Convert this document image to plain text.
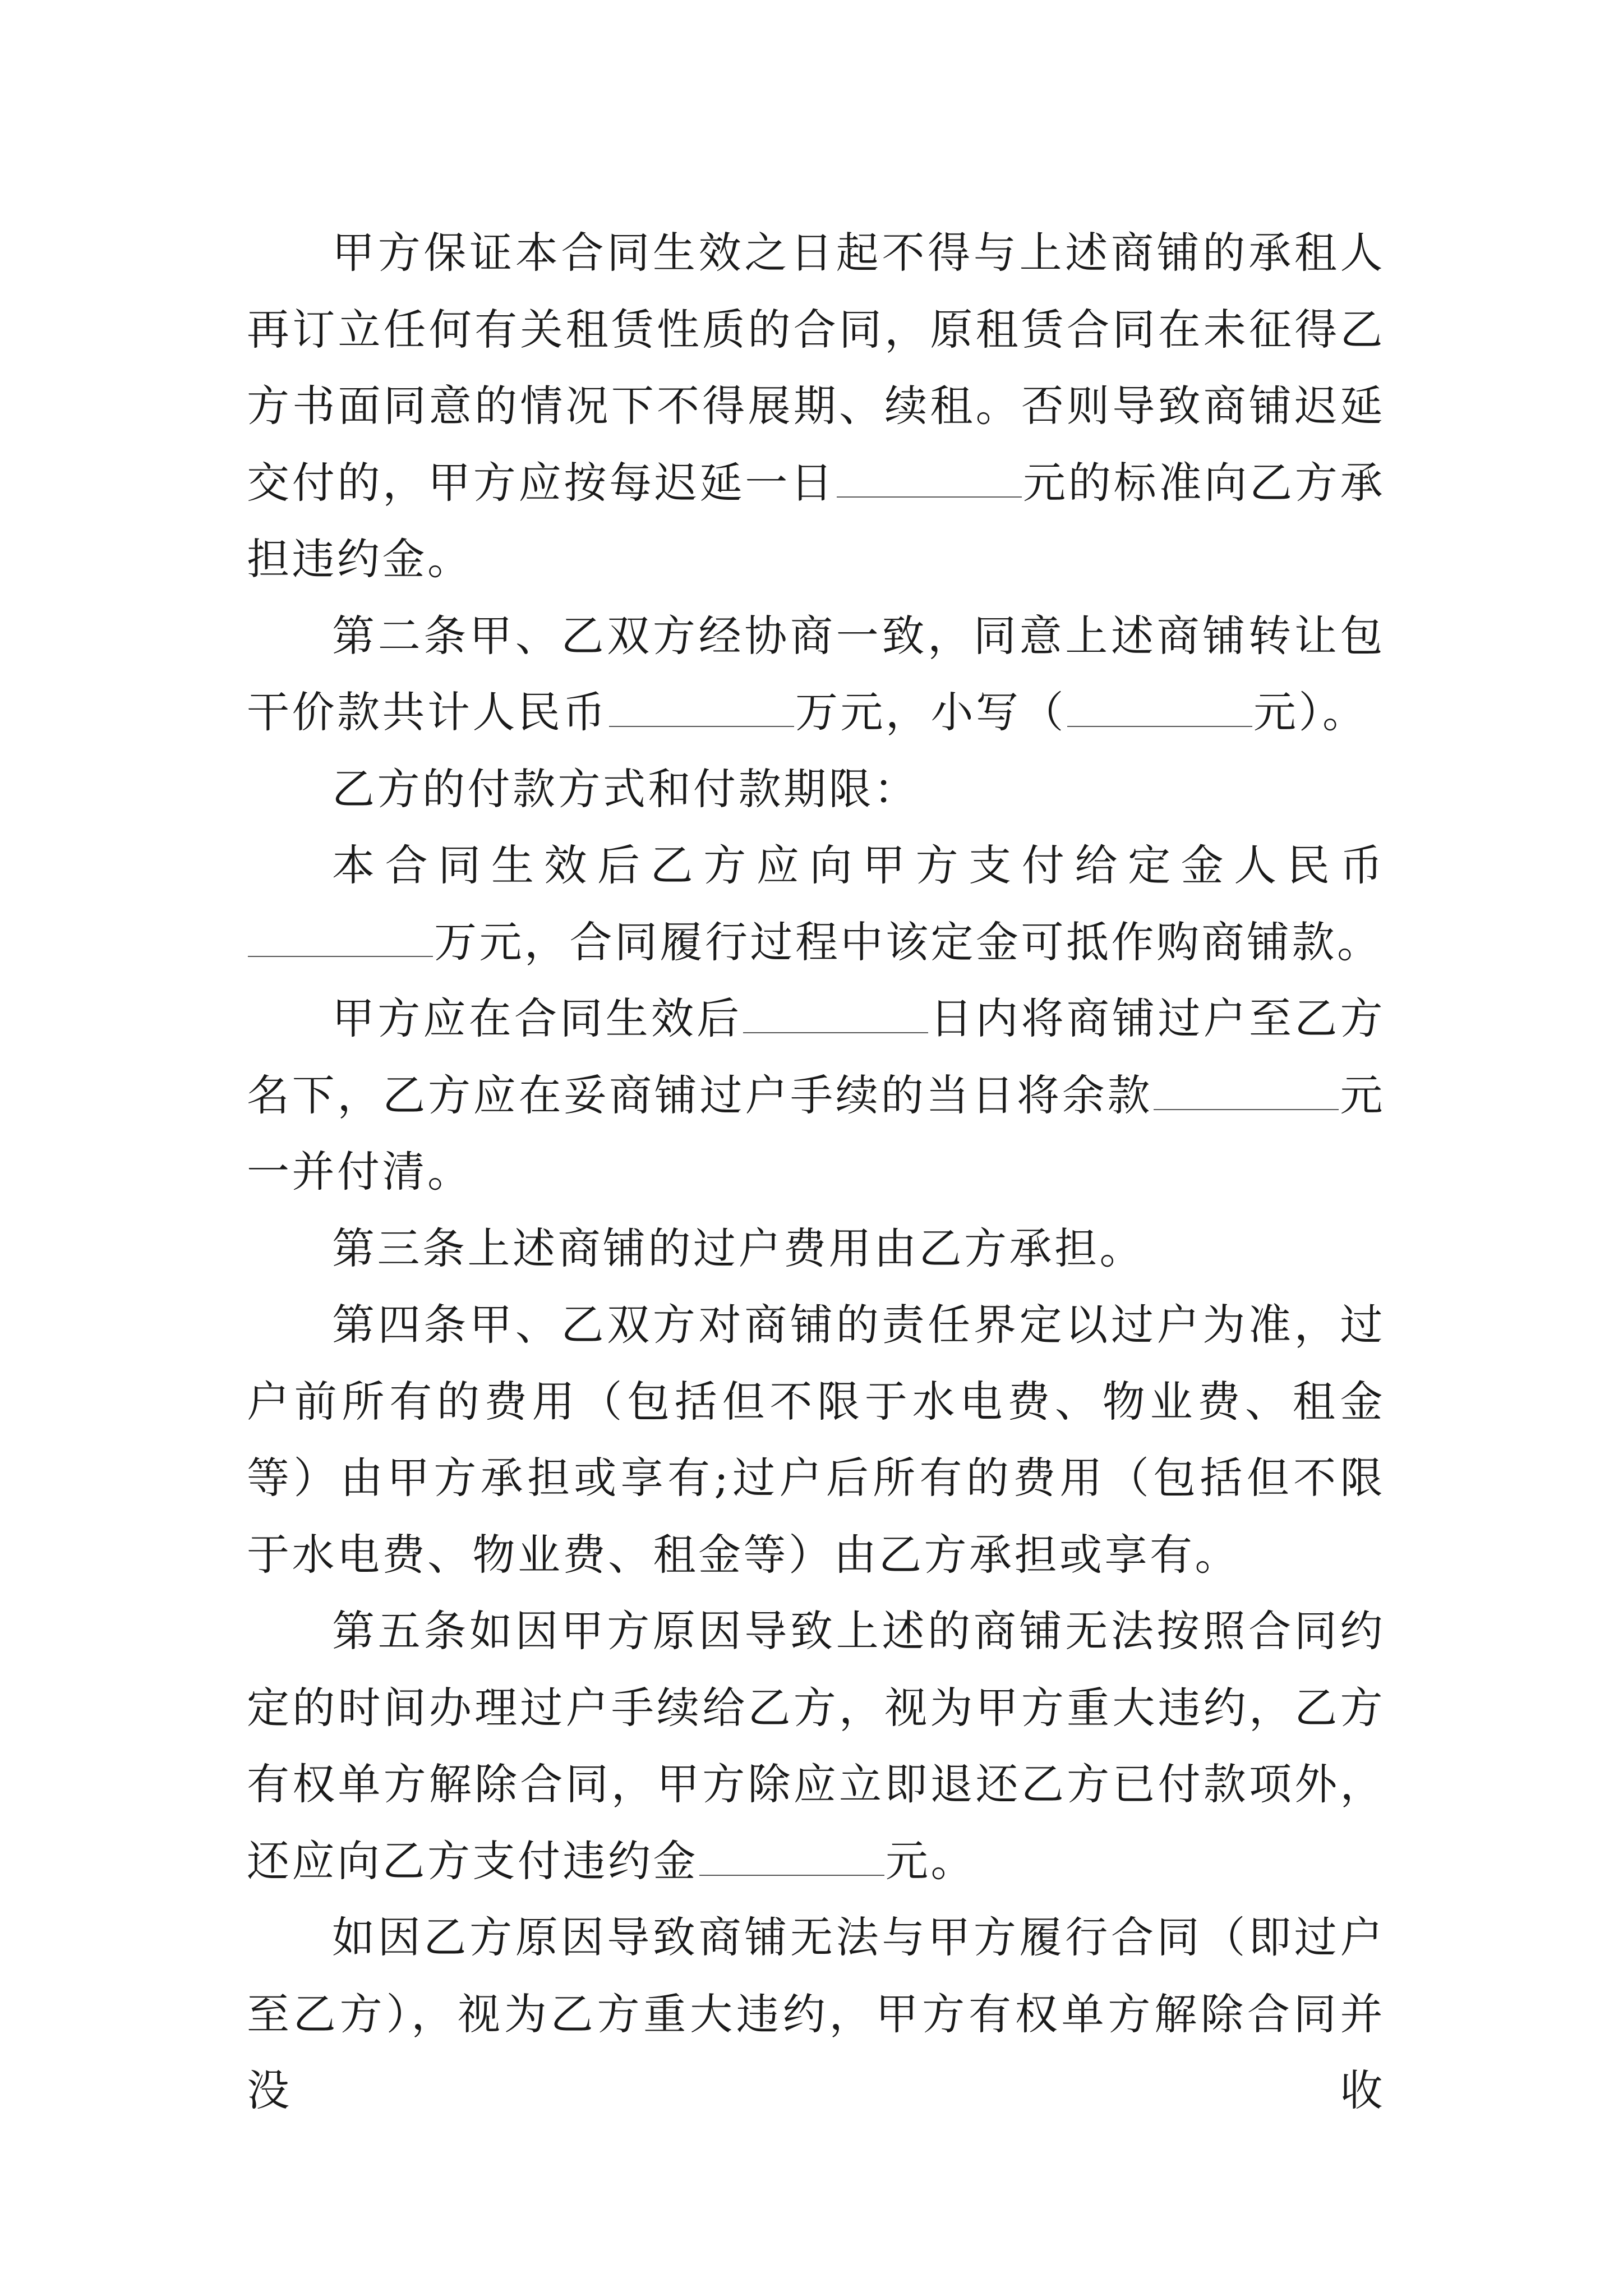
甲方保证本合同生效之日起不得与上述商铺的承租人再订立任何有关租赁性质的合同，原租赁合同在未征得乙方书面同意的情况下不得展期、续租。否则导致商铺迟延交付的，甲方应按每迟延一日	元的标准向乙方承担违约金。

第二条甲、乙双方经协商一致，同意上述商铺转让包干价款共计人民币	万元，小写（	元）。

乙方的付款方式和付款期限：

本合同生效后乙方应向甲方支付给定金人民币万元，合同履行过程中该定金可抵作购商铺款。

甲方应在合同生效后	日内将商铺过户至乙方名下，乙方应在妥商铺过户手续的当日将余款	元一并付清。

第三条上述商铺的过户费用由乙方承担。

第四条甲、乙双方对商铺的责任界定以过户为准，过户前所有的费用（包括但不限于水电费、物业费、租金等）由甲方承担或享有;过户后所有的费用（包括但不限于水电费、物业费、租金等）由乙方承担或享有。

第五条如因甲方原因导致上述的商铺无法按照合同约定的时间办理过户手续给乙方，视为甲方重大违约，乙方有权单方解除合同，甲方除应立即退还乙方已付款项外，还应向乙方支付违约金	元。

如因乙方原因导致商铺无法与甲方履行合同（即过户至乙方），视为乙方重大违约，甲方有权单方解除合同并没收
